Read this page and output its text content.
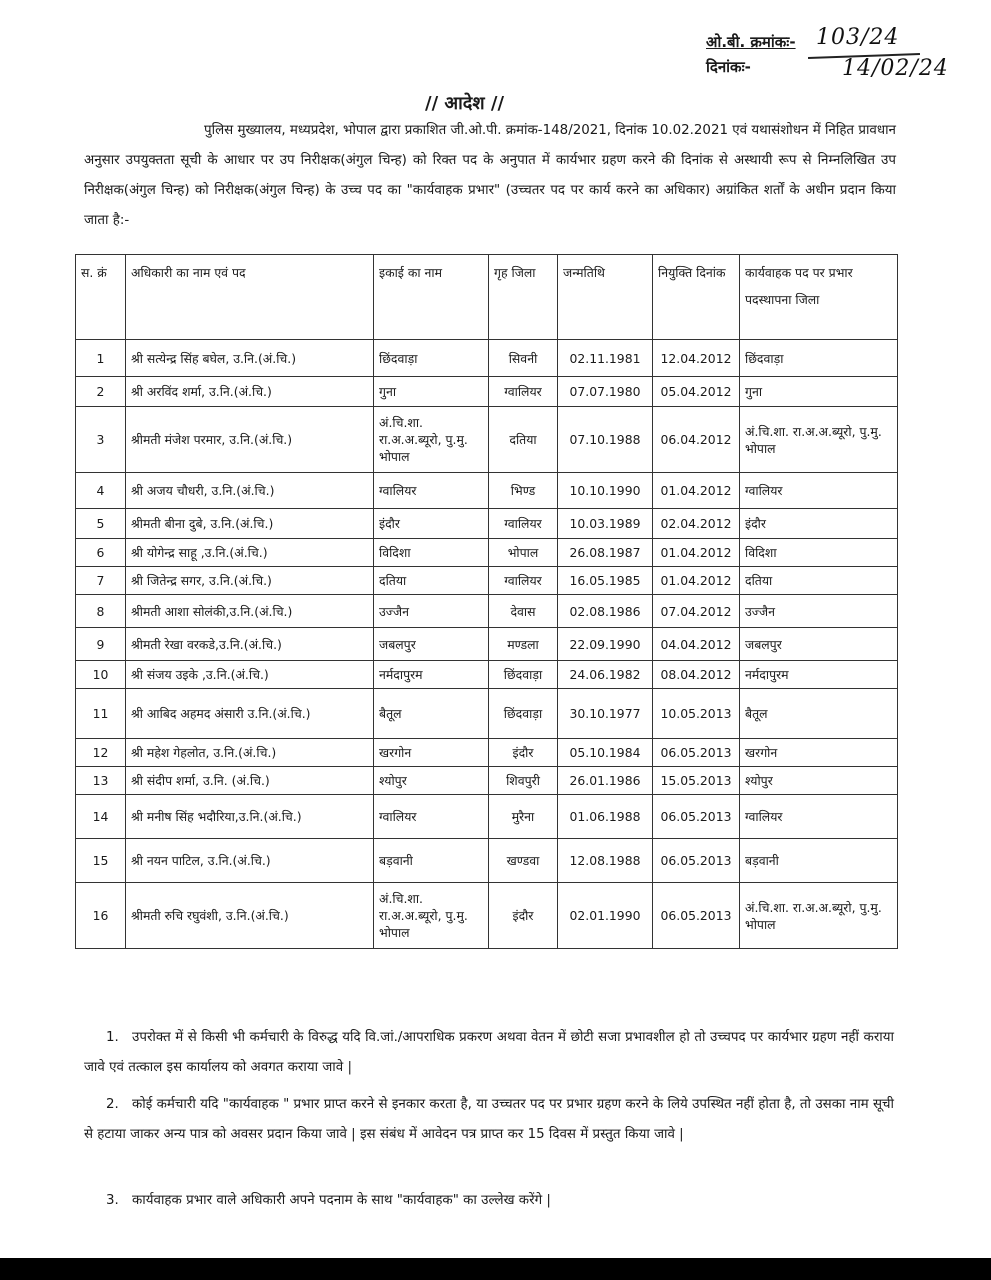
ओ.बी. क्रमांकः- 103/24
दिनांकः-	14/02/24
// आदेश //

पुलिस मुख्यालय, मध्यप्रदेश, भोपाल द्वारा प्रकाशित जी.ओ.पी. क्रमांक-148/2021, दिनांक 10.02.2021 एवं यथासंशोधन में निहित प्रावधान अनुसार उपयुक्तता सूची के आधार पर उप निरीक्षक(अंगुल चिन्ह) को रिक्त पद के अनुपात में कार्यभार ग्रहण करने की दिनांक से अस्थायी रूप से निम्नलिखित उप निरीक्षक(अंगुल चिन्ह) को निरीक्षक(अंगुल चिन्ह) के उच्च पद का "कार्यवाहक प्रभार" (उच्चतर पद पर कार्य करने का अधिकार) अग्रांकित शर्तों के अधीन प्रदान किया जाता है:-

स. क्रं	अधिकारी का नाम एवं पद	इकाई का नाम	गृह जिला	जन्मतिथि	नियुक्ति दिनांक	कार्यवाहक पद पर प्रभार पदस्थापना जिला
1	श्री सत्येन्द्र सिंह बघेल, उ.नि.(अं.चि.)	छिंदवाड़ा	सिवनी	02.11.1981	12.04.2012	छिंदवाड़ा
2	श्री अरविंद शर्मा, उ.नि.(अं.चि.)	गुना	ग्वालियर	07.07.1980	05.04.2012	गुना
3	श्रीमती मंजेश परमार, उ.नि.(अं.चि.)	अं.चि.शा. रा.अ.अ.ब्यूरो, पु.मु. भोपाल	दतिया	07.10.1988	06.04.2012	अं.चि.शा. रा.अ.अ.ब्यूरो, पु.मु. भोपाल
4	श्री अजय चौधरी, उ.नि.(अं.चि.)	ग्वालियर	भिण्ड	10.10.1990	01.04.2012	ग्वालियर
5	श्रीमती बीना दुबे, उ.नि.(अं.चि.)	इंदौर	ग्वालियर	10.03.1989	02.04.2012	इंदौर
6	श्री योगेन्द्र साहू ,उ.नि.(अं.चि.)	विदिशा	भोपाल	26.08.1987	01.04.2012	विदिशा
7	श्री जितेन्द्र सगर, उ.नि.(अं.चि.)	दतिया	ग्वालियर	16.05.1985	01.04.2012	दतिया
8	श्रीमती आशा सोलंकी,उ.नि.(अं.चि.)	उज्जैन	देवास	02.08.1986	07.04.2012	उज्जैन
9	श्रीमती रेखा वरकडे,उ.नि.(अं.चि.)	जबलपुर	मण्डला	22.09.1990	04.04.2012	जबलपुर
10	श्री संजय उइके ,उ.नि.(अं.चि.)	नर्मदापुरम	छिंदवाड़ा	24.06.1982	08.04.2012	नर्मदापुरम
11	श्री आबिद अहमद अंसारी उ.नि.(अं.चि.)	बैतूल	छिंदवाड़ा	30.10.1977	10.05.2013	बैतूल
12	श्री महेश गेहलोत, उ.नि.(अं.चि.)	खरगोन	इंदौर	05.10.1984	06.05.2013	खरगोन
13	श्री संदीप शर्मा, उ.नि. (अं.चि.)	श्योपुर	शिवपुरी	26.01.1986	15.05.2013	श्योपुर
14	श्री मनीष सिंह भदौरिया,उ.नि.(अं.चि.)	ग्वालियर	मुरैना	01.06.1988	06.05.2013	ग्वालियर
15	श्री नयन पाटिल, उ.नि.(अं.चि.)	बड़वानी	खण्डवा	12.08.1988	06.05.2013	बड़वानी
16	श्रीमती रुचि रघुवंशी, उ.नि.(अं.चि.)	अं.चि.शा. रा.अ.अ.ब्यूरो, पु.मु. भोपाल	इंदौर	02.01.1990	06.05.2013	अं.चि.शा. रा.अ.अ.ब्यूरो, पु.मु. भोपाल
1. उपरोक्त में से किसी भी कर्मचारी के विरुद्ध यदि वि.जां./आपराधिक प्रकरण अथवा वेतन में छोटी सजा प्रभावशील हो तो उच्चपद पर कार्यभार ग्रहण नहीं कराया जावे एवं तत्काल इस कार्यालय को अवगत कराया जावे |
2. कोई कर्मचारी यदि "कार्यवाहक " प्रभार प्राप्त करने से इनकार करता है, या उच्चतर पद पर प्रभार ग्रहण करने के लिये उपस्थित नहीं होता है, तो उसका नाम सूची से हटाया जाकर अन्य पात्र को अवसर प्रदान किया जावे | इस संबंध में आवेदन पत्र प्राप्त कर 15 दिवस में प्रस्तुत किया जावे |
3. कार्यवाहक प्रभार वाले अधिकारी अपने पदनाम के साथ "कार्यवाहक" का उल्लेख करेंगे |
